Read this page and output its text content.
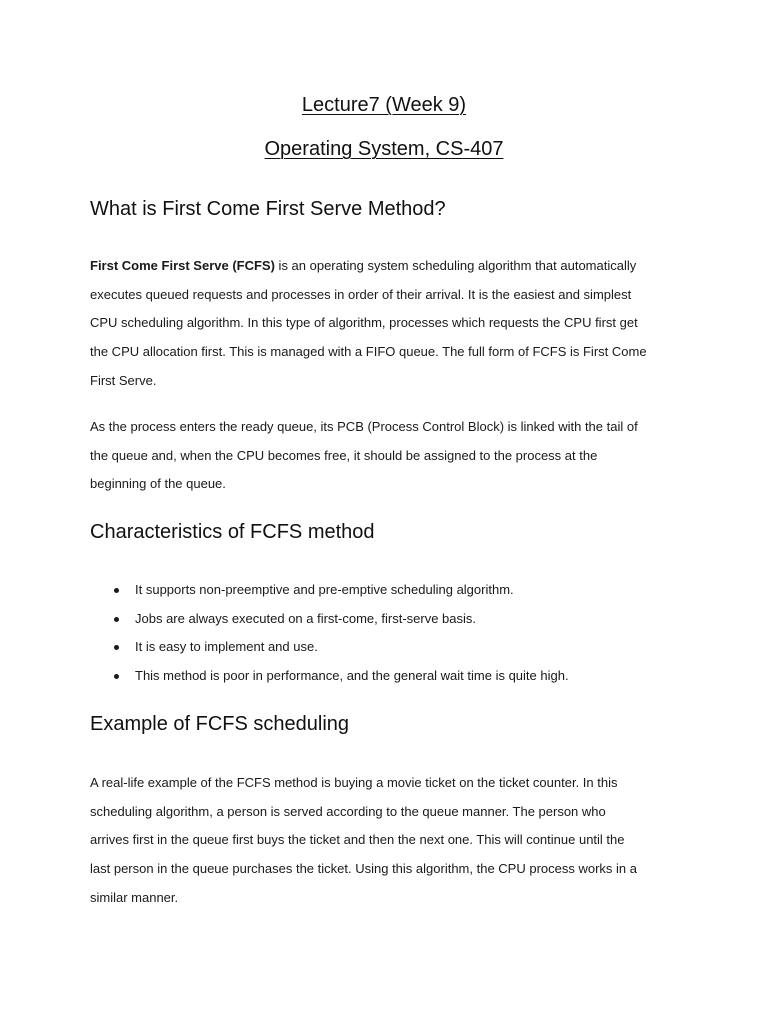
Lecture7 (Week 9)
Operating System, CS-407
What is First Come First Serve Method?
First Come First Serve (FCFS) is an operating system scheduling algorithm that automatically
executes queued requests and processes in order of their arrival. It is the easiest and simplest
CPU scheduling algorithm. In this type of algorithm, processes which requests the CPU first get
the CPU allocation first. This is managed with a FIFO queue. The full form of FCFS is First Come
First Serve.
As the process enters the ready queue, its PCB (Process Control Block) is linked with the tail of
the queue and, when the CPU becomes free, it should be assigned to the process at the
beginning of the queue.
Characteristics of FCFS method
It supports non-preemptive and pre-emptive scheduling algorithm.
Jobs are always executed on a first-come, first-serve basis.
It is easy to implement and use.
This method is poor in performance, and the general wait time is quite high.
Example of FCFS scheduling
A real-life example of the FCFS method is buying a movie ticket on the ticket counter. In this
scheduling algorithm, a person is served according to the queue manner. The person who
arrives first in the queue first buys the ticket and then the next one. This will continue until the
last person in the queue purchases the ticket. Using this algorithm, the CPU process works in a
similar manner.
